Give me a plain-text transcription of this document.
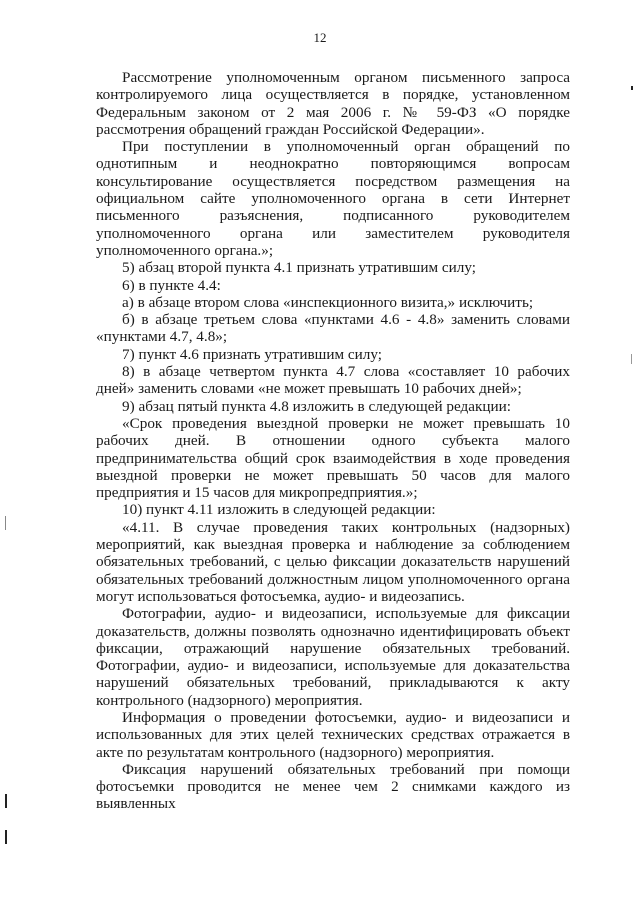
12

Рассмотрение уполномоченным органом письменного запроса контролируемого лица осуществляется в порядке, установленном Федеральным законом от 2 мая 2006 г. № 59-ФЗ «О порядке рассмотрения обращений граждан Российской Федерации».

При поступлении в уполномоченный орган обращений по однотипным и неоднократно повторяющимся вопросам консультирование осуществляется посредством размещения на официальном сайте уполномоченного органа в сети Интернет письменного разъяснения, подписанного руководителем уполномоченного органа или заместителем руководителя уполномоченного органа.»;

5) абзац второй пункта 4.1 признать утратившим силу;

6) в пункте 4.4:

а) в абзаце втором слова «инспекционного визита,» исключить;

б) в абзаце третьем слова «пунктами 4.6 - 4.8» заменить словами «пунктами 4.7, 4.8»;

7) пункт 4.6 признать утратившим силу;

8) в абзаце четвертом пункта 4.7 слова «составляет 10 рабочих дней» заменить словами «не может превышать 10 рабочих дней»;

9) абзац пятый пункта 4.8 изложить в следующей редакции:

«Срок проведения выездной проверки не может превышать 10 рабочих дней. В отношении одного субъекта малого предпринимательства общий срок взаимодействия в ходе проведения выездной проверки не может превышать 50 часов для малого предприятия и 15 часов для микропредприятия.»;

10) пункт 4.11 изложить в следующей редакции:

«4.11. В случае проведения таких контрольных (надзорных) мероприятий, как выездная проверка и наблюдение за соблюдением обязательных требований, с целью фиксации доказательств нарушений обязательных требований должностным лицом уполномоченного органа могут использоваться фотосъемка, аудио- и видеозапись.

Фотографии, аудио- и видеозаписи, используемые для фиксации доказательств, должны позволять однозначно идентифицировать объект фиксации, отражающий нарушение обязательных требований. Фотографии, аудио- и видеозаписи, используемые для доказательства нарушений обязательных требований, прикладываются к акту контрольного (надзорного) мероприятия.

Информация о проведении фотосъемки, аудио- и видеозаписи и использованных для этих целей технических средствах отражается в акте по результатам контрольного (надзорного) мероприятия.

Фиксация нарушений обязательных требований при помощи фотосъемки проводится не менее чем 2 снимками каждого из выявленных
